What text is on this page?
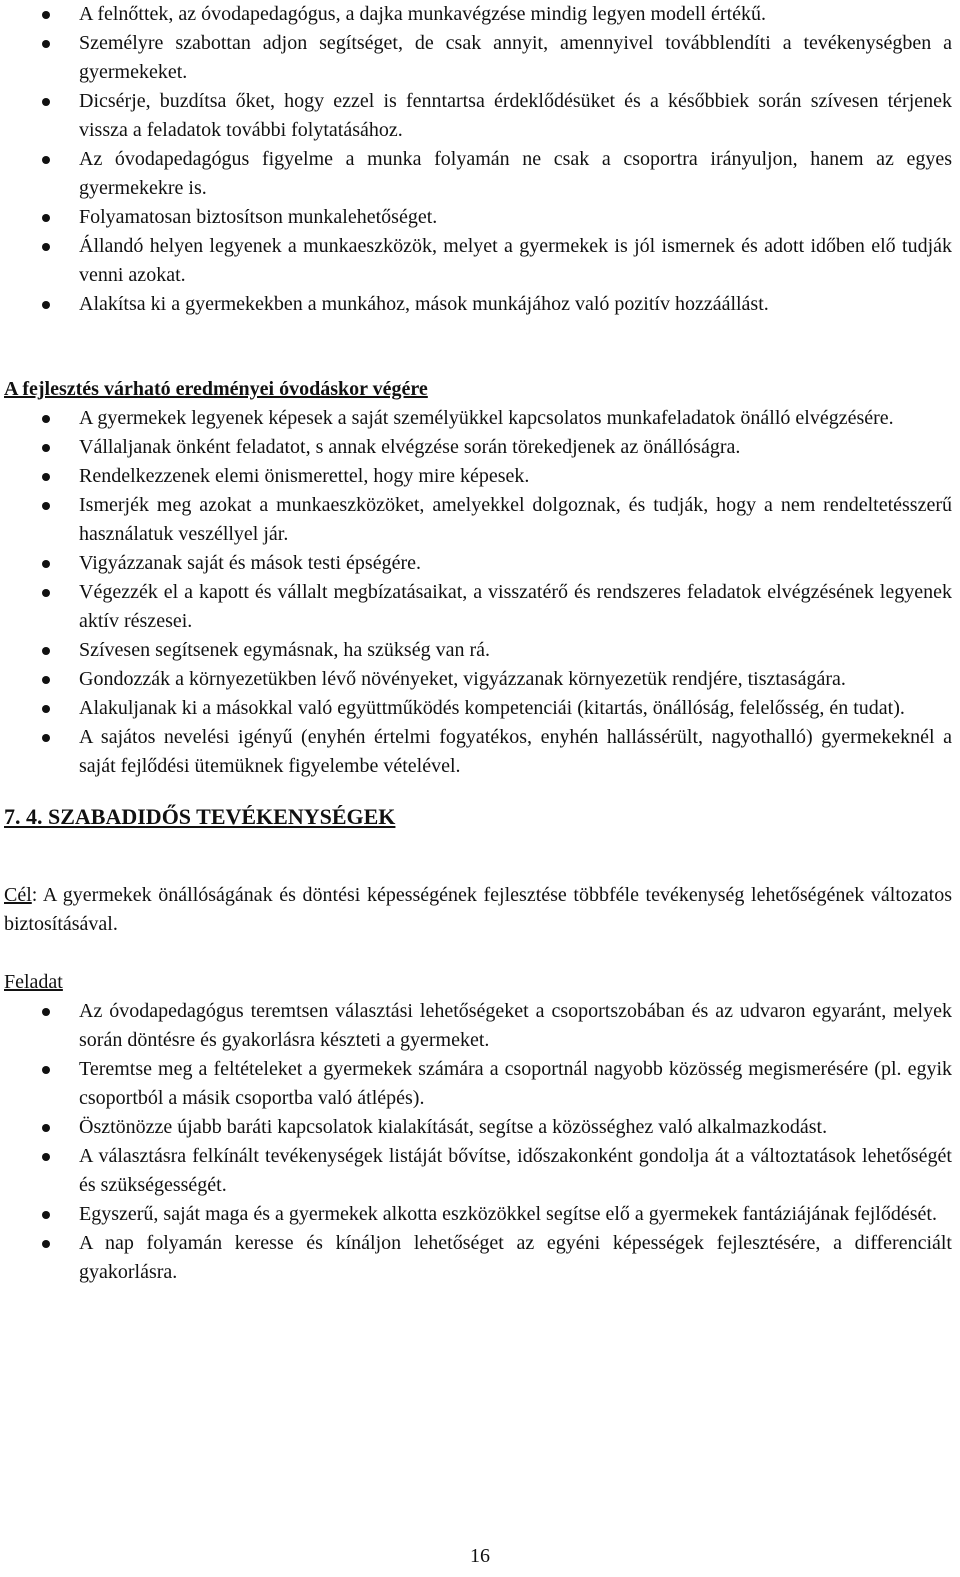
A felnőttek, az óvodapedagógus, a dajka munkavégzése mindig legyen modell értékű.
Személyre szabottan adjon segítséget, de csak annyit, amennyivel továbblendíti a tevékenységben a gyermekeket.
Dicsérje, buzdítsa őket, hogy ezzel is fenntartsa érdeklődésüket és a későbbiek során szívesen térjenek vissza a feladatok további folytatásához.
Az óvodapedagógus figyelme a munka folyamán ne csak a csoportra irányuljon, hanem az egyes gyermekekre is.
Folyamatosan biztosítson munkalehetőséget.
Állandó helyen legyenek a munkaeszközök, melyet a gyermekek is jól ismernek és adott időben elő tudják venni azokat.
Alakítsa ki a gyermekekben a munkához, mások munkájához való pozitív hozzáállást.
A fejlesztés várható eredményei óvodáskor végére
A gyermekek legyenek képesek a saját személyükkel kapcsolatos munkafeladatok önálló elvégzésére.
Vállaljanak önként feladatot, s annak elvégzése során törekedjenek az önállóságra.
Rendelkezzenek elemi önismerettel, hogy mire képesek.
Ismerjék meg azokat a munkaeszközöket, amelyekkel dolgoznak, és tudják, hogy a nem rendeltetésszerű használatuk veszéllyel jár.
Vigyázzanak saját és mások testi épségére.
Végezzék el a kapott és vállalt megbízatásaikat, a visszatérő és rendszeres feladatok elvégzésének legyenek aktív részesei.
Szívesen segítsenek egymásnak, ha szükség van rá.
Gondozzák a környezetükben lévő növényeket, vigyázzanak környezetük rendjére, tisztaságára.
Alakuljanak ki a másokkal való együttműködés kompetenciái (kitartás, önállóság, felelősség, én tudat).
A sajátos nevelési igényű (enyhén értelmi fogyatékos, enyhén hallássérült, nagyothalló) gyermekeknél a saját fejlődési ütemüknek figyelembe vételével.
7. 4. SZABADIDŐS TEVÉKENYSÉGEK

Cél: A gyermekek önállóságának és döntési képességének fejlesztése többféle tevékenység lehetőségének változatos biztosításával.

Feladat
Az óvodapedagógus teremtsen választási lehetőségeket a csoportszobában és az udvaron egyaránt, melyek során döntésre és gyakorlásra készteti a gyermeket.
Teremtse meg a feltételeket a gyermekek számára a csoportnál nagyobb közösség megismerésére (pl. egyik csoportból a másik csoportba való átlépés).
Ösztönözze újabb baráti kapcsolatok kialakítását, segítse a közösséghez való alkalmazkodást.
A választásra felkínált tevékenységek listáját bővítse, időszakonként gondolja át a változtatások lehetőségét és szükségességét.
Egyszerű, saját maga és a gyermekek alkotta eszközökkel segítse elő a gyermekek fantáziájának fejlődését.
A nap folyamán keresse és kínáljon lehetőséget az egyéni képességek fejlesztésére, a differenciált gyakorlásra.
16
